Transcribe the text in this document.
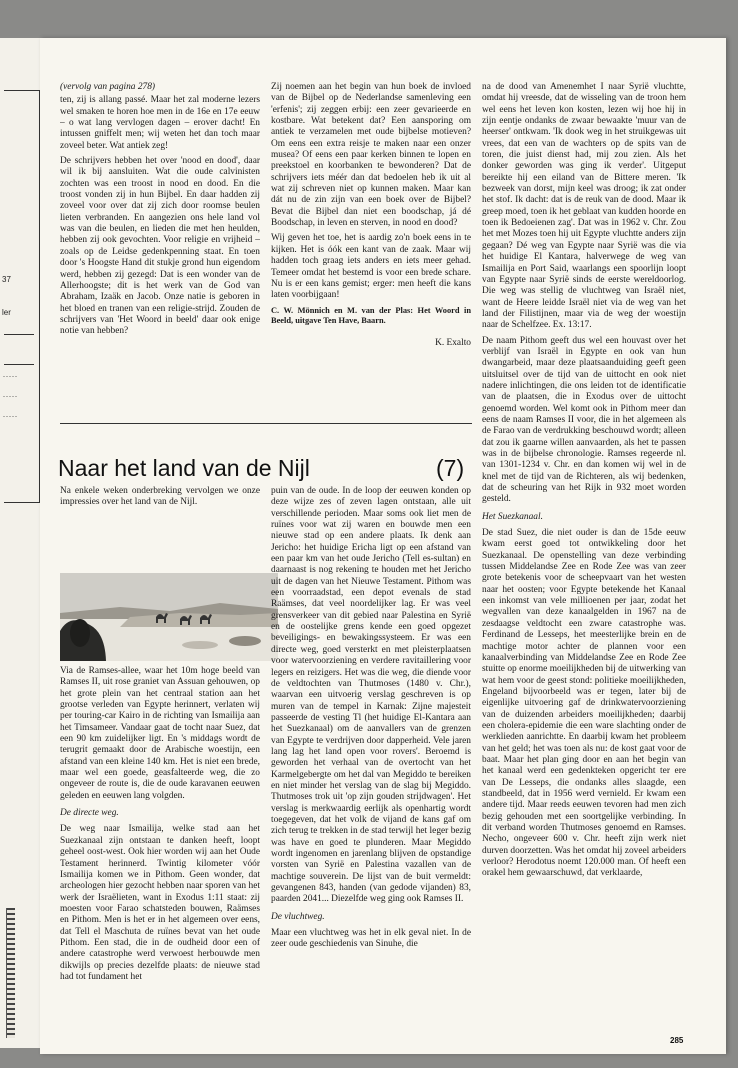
37
ler
.....
.....
.....

(vervolg van pagina 278)

ten, zij is allang passé. Maar het zal moderne lezers wel smaken te horen hoe men in de 16e en 17e eeuw – o wat lang vervlogen dagen – erover dacht! En intussen gniffelt men; wij weten het dan toch maar zoveel beter. Wat antiek zeg!

De schrijvers hebben het over 'nood en dood', daar wil ik bij aansluiten. Wat die oude calvinisten zochten was een troost in nood en dood. En die troost vonden zij in hun Bijbel. En daar hadden zij zoveel voor over dat zij zich door roomse beulen lieten verbranden. En aangezien ons hele land vol was van die beulen, en lieden die met hen heulden, hebben zij ook gevochten. Voor religie en vrijheid – zoals op de Leidse gedenkpenning staat. En toen door 's Hoogste Hand dit stukje grond hun eigendom werd, hebben zij gezegd: Dat is een wonder van de Allerhoogste; dit is het werk van de God van Abraham, Izaäk en Jacob. Onze natie is geboren in het bloed en tranen van een religie-strijd. Zouden de schrijvers van 'Het Woord in beeld' daar ook enige notie van hebben?

Zij noemen aan het begin van hun boek de invloed van de Bijbel op de Nederlandse samenleving een 'erfenis'; zij zeggen erbij: een zeer gevarieerde en kostbare. Wat betekent dat? Een aansporing om antiek te verzamelen met oude bijbelse motieven? Om eens een extra reisje te maken naar een onzer musea? Of eens een paar kerken binnen te lopen en preekstoel en koorbanken te bewonderen? Dat de schrijvers iets méér dan dat bedoelen heb ik uit al wat zij schreven niet op kunnen maken. Maar kan dát nu de zin zijn van een boek over de Bijbel? Bevat die Bijbel dan niet een boodschap, já dé Boodschap, in leven en sterven, in nood en dood?

Wij geven het toe, het is aardig zo'n boek eens in te kijken. Het is óók een kant van de zaak. Maar wij hadden toch graag iets anders en iets meer gehad. Temeer omdat het bestemd is voor een brede schare. Nu is er een kans gemist; erger: men heeft die kans laten voorbijgaan!

C. W. Mönnich en M. van der Plas: Het Woord in Beeld, uitgave Ten Have, Baarn.

K. Exalto

Naar het land van de Nijl	(7)

Na enkele weken onderbreking vervolgen we onze impressies over het land van de Nijl.

Via de Ramses-allee, waar het 10m hoge beeld van Ramses II, uit rose graniet van Assuan gehouwen, op het grote plein van het centraal station aan het grootse verleden van Egypte herinnert, verlaten wij per touring-car Kairo in de richting van Ismailija aan het Timsameer. Vandaar gaat de tocht naar Suez, dat een 90 km zuidelijker ligt. En 's middags wordt de terugrit gemaakt door de Arabische woestijn, een afstand van een kleine 140 km. Het is niet een brede, maar wel een goede, geasfalteerde weg, die zo ongeveer de route is, die de oude karavanen eeuwen geleden en eeuwen lang volgden.

De directe weg.

De weg naar Ismailija, welke stad aan het Suezkanaal zijn ontstaan te danken heeft, loopt geheel oost-west. Ook hier worden wij aan het Oude Testament herinnerd. Twintig kilometer vóór Ismailija komen we in Pithom. Geen wonder, dat archeologen hier gezocht hebben naar sporen van het werk der Israëlieten, want in Exodus 1:11 staat: zij moesten voor Farao schatsteden bouwen, Raämses en Pithom. Men is het er in het algemeen over eens, dat Tell el Maschuta de ruïnes bevat van het oude Pithom. Een stad, die in de oudheid door een of andere catastrophe werd verwoest herbouwde men dikwijls op precies dezelfde plaats: de nieuwe stad had tot fundament het

puin van de oude. In de loop der eeuwen konden op deze wijze zes of zeven lagen ontstaan, alle uit verschillende perioden. Maar soms ook liet men de ruïnes voor wat zij waren en bouwde men een nieuwe stad op een andere plaats. Ik denk aan Jericho: het huidige Ericha ligt op een afstand van een paar km van het oude Jericho (Tell es-sultan) en daarnaast is nog rekening te houden met het Jericho uit de dagen van het Nieuwe Testament. Pithom was een voorraadstad, een depot evenals de stad Raämses, dat veel noordelijker lag. Er was veel grensverkeer van dit gebied naar Palestina en Syrië en de oostelijke grens kende een goed opgezet beveiligings- en bewakingssysteem. Er was een directe weg, goed versterkt en met pleisterplaatsen voor watervoorziening en verdere ravitaillering voor legers en reizigers. Het was die weg, die diende voor de veldtochten van Thutmoses (1480 v. Chr.), waarvan een uitvoerig verslag geschreven is op muren van de tempel in Karnak: Zijne majesteit passeerde de vesting Tl (het huidige El-Kantara aan het Suezkanaal) om de aanvallers van de grenzen van Egypte te verdrijven door dapperheid. Vele jaren lang lag het land open voor rovers'. Beroemd is geworden het verhaal van de overtocht van het Karmelgebergte om het dal van Megiddo te bereiken en niet minder het verslag van de slag bij Megiddo. Thutmoses trok uit 'op zijn gouden strijdwagen'. Het verslag is merkwaardig eerlijk als openhartig wordt toegegeven, dat het volk de vijand de kans gaf om zich terug te trekken in de stad terwijl het leger bezig was have en goed te plunderen. Maar Megiddo wordt ingenomen en jarenlang blijven de opstandige vorsten van Syrië en Palestina vazallen van de machtige souverein. De lijst van de buit vermeldt: gevangenen 843, handen (van gedode vijanden) 83, paarden 2041... Diezelfde weg ging ook Ramses II.

De vluchtweg.

Maar een vluchtweg was het in elk geval niet. In de zeer oude geschiedenis van Sinuhe, die

na de dood van Amenemhet I naar Syrië vluchtte, omdat hij vreesde, dat de wisseling van de troon hem wel eens het leven kon kosten, lezen wij hoe hij in zijn eentje ondanks de zwaar bewaakte 'muur van de heerser' ontkwam. 'Ik dook weg in het struikgewas uit vrees, dat een van de wachters op de spits van de toren, die juist dienst had, mij zou zien. Als het donker geworden was ging ik verder'. Uitgeput bereikte hij een eiland van de Bittere meren. 'Ik bezweek van dorst, mijn keel was droog; ik zat onder het stof. Ik dacht: dat is de reuk van de dood. Maar ik greep moed, toen ik het geblaat van kudden hoorde en toen ik Bedoeienen zag'. Dat was in 1962 v. Chr. Zou het met Mozes toen hij uit Egypte vluchtte anders zijn gegaan? Dé weg van Egypte naar Syrië was die via het huidige El Kantara, halverwege de weg van Ismailija en Port Said, waarlangs een spoorlijn loopt van Egypte naar Syrië sinds de eerste wereldoorlog. Die weg was stellig de vluchtweg van Israël niet, want de Heere leidde Israël niet via de weg van het land der Filistijnen, maar via de weg der woestijn naar de Schelfzee. Ex. 13:17.

De naam Pithom geeft dus wel een houvast over het verblijf van Israël in Egypte en ook van hun dwangarbeid, maar deze plaatsaanduiding geeft geen uitsluitsel over de tijd van de uittocht en ook niet nadere inlichtingen, die ons leiden tot de identificatie van de plaatsen, die in Exodus over de uittocht genoemd worden. Wel komt ook in Pithom meer dan eens de naam Ramses II voor, die in het algemeen als de Farao van de verdrukking beschouwd wordt; alleen dat zou ik gaarne willen aanvaarden, als het te passen was in de bijbelse chronologie. Ramses regeerde nl. van 1301-1234 v. Chr. en dan komen wij wel in de knel met de tijd van de Richteren, als wij bedenken, dat de scheuring van het Rijk in 932 moet worden gesteld.

Het Suezkanaal.

De stad Suez, die niet ouder is dan de 15de eeuw kwam eerst goed tot ontwikkeling door het Suezkanaal. De openstelling van deze verbinding tussen Middelandse Zee en Rode Zee was van zeer grote betekenis voor de scheepvaart van het westen naar het oosten; voor Egypte betekende het Kanaal een inkomst van vele millioenen per jaar, zodat het wegvallen van deze kanaalgelden in 1967 na de zesdaagse veldtocht een zware catastrophe was. Ferdinand de Lesseps, het meesterlijke brein en de machtige motor achter de plannen voor een kanaalverbinding van Middelandse Zee en Rode Zee stuitte op enorme moeilijkheden bij de uitwerking van wat hem voor de geest stond: politieke moeilijkheden, Engeland bijvoorbeeld was er tegen, later bij de eigenlijke uitvoering gaf de drinkwatervoorziening van de duizenden arbeiders moeilijkheden; daarbij een cholera-epidemie die een ware slachting onder de werklieden aanrichtte. En daarbij kwam het probleem van het geld; het was toen als nu: de kost gaat voor de baat. Maar het plan ging door en aan het begin van het kanaal werd een gedenkteken opgericht ter ere van De Lesseps, die ondanks alles slaagde, een standbeeld, dat in 1956 werd vernield. Er kwam een andere tijd. Maar reeds eeuwen tevoren had men zich bezig gehouden met een soortgelijke verbinding. In dit verband worden Thutmoses genoemd en Ramses. Necho, ongeveer 600 v. Chr. heeft zijn werk niet durven doorzetten. Was het omdat hij zoveel arbeiders verloor? Herodotus noemt 120.000 man. Of heeft een orakel hem gewaarschuwd, dat verklaarde,

285
